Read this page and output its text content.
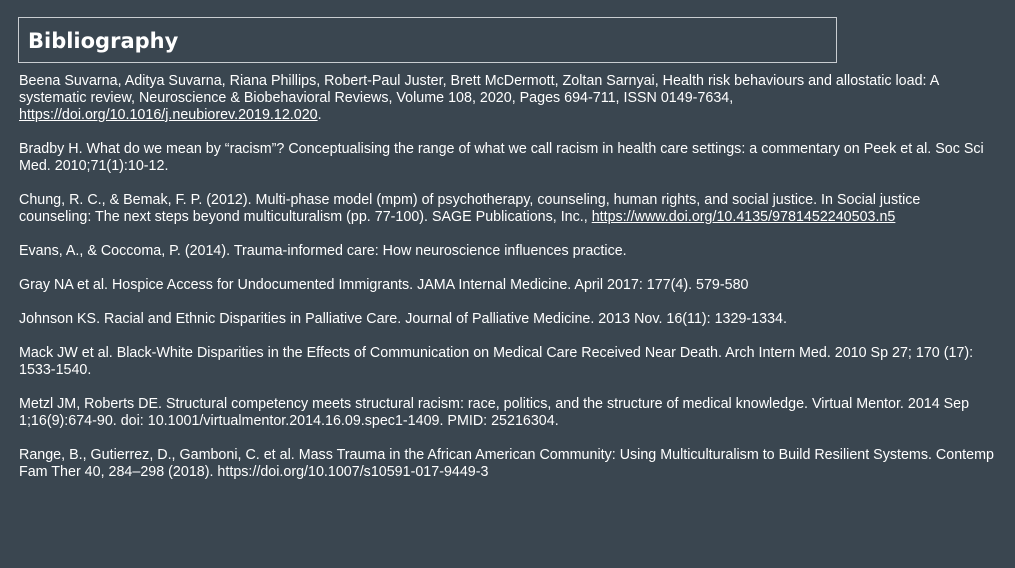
Bibliography

Beena Suvarna, Aditya Suvarna, Riana Phillips, Robert-Paul Juster, Brett McDermott, Zoltan Sarnyai, Health risk behaviours and allostatic load: A systematic review, Neuroscience & Biobehavioral Reviews, Volume 108, 2020, Pages 694-711, ISSN 0149-7634, https://doi.org/10.1016/j.neubiorev.2019.12.020.

Bradby H. What do we mean by “racism”? Conceptualising the range of what we call racism in health care settings: a commentary on Peek et al. Soc Sci Med. 2010;71(1):10-12.

Chung, R. C., & Bemak, F. P. (2012). Multi-phase model (mpm) of psychotherapy, counseling, human rights, and social justice. In Social justice counseling: The next steps beyond multiculturalism (pp. 77-100). SAGE Publications, Inc., https://www.doi.org/10.4135/9781452240503.n5

Evans, A., & Coccoma, P. (2014). Trauma-informed care: How neuroscience influences practice.

Gray NA et al. Hospice Access for Undocumented Immigrants. JAMA Internal Medicine. April 2017: 177(4). 579-580

Johnson KS. Racial and Ethnic Disparities in Palliative Care. Journal of Palliative Medicine. 2013 Nov. 16(11): 1329-1334.

Mack JW et al. Black-White Disparities in the Effects of Communication on Medical Care Received Near Death. Arch Intern Med. 2010 Sp 27; 170 (17): 1533-1540.

Metzl JM, Roberts DE. Structural competency meets structural racism: race, politics, and the structure of medical knowledge. Virtual Mentor. 2014 Sep 1;16(9):674-90. doi: 10.1001/virtualmentor.2014.16.09.spec1-1409. PMID: 25216304.

Range, B., Gutierrez, D., Gamboni, C. et al. Mass Trauma in the African American Community: Using Multiculturalism to Build Resilient Systems. Contemp Fam Ther 40, 284–298 (2018). https://doi.org/10.1007/s10591-017-9449-3
